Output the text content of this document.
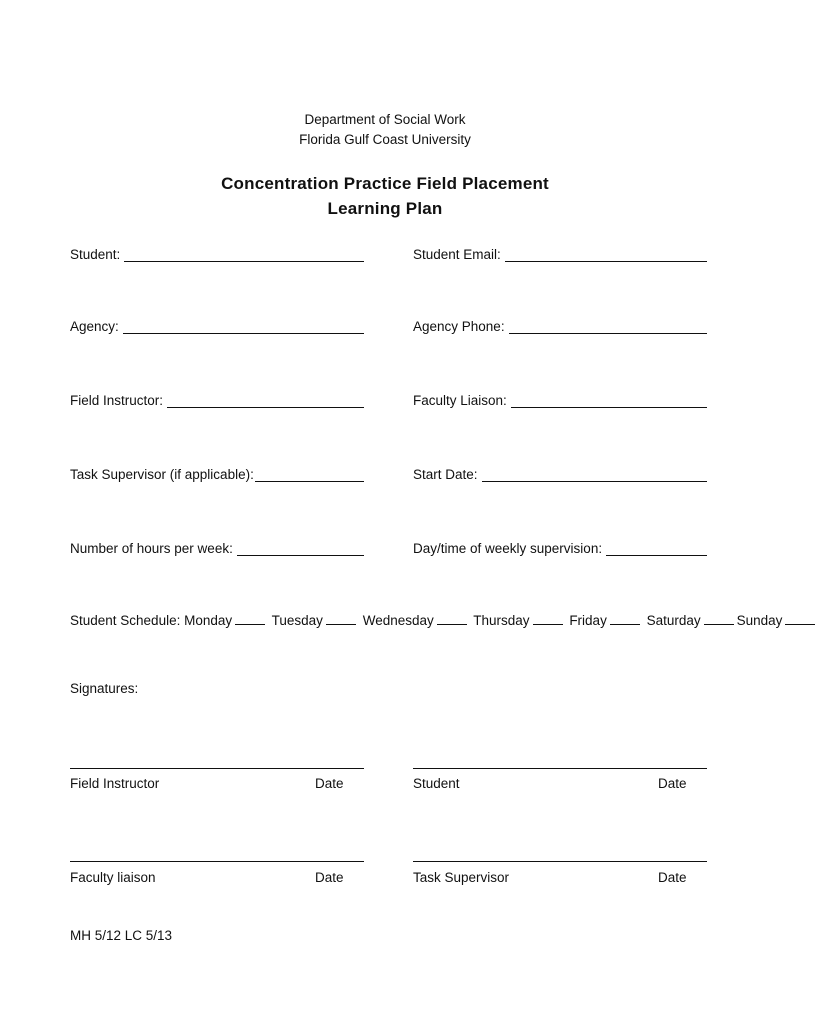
Department of Social Work
Florida Gulf Coast University
Concentration Practice Field Placement
Learning Plan
Student:	Student Email:
Agency:	Agency Phone:
Field Instructor:	Faculty Liaison:
Task Supervisor (if applicable):	Start Date:
Number of hours per week:	Day/time of weekly supervision:
Student Schedule: Monday	Tuesday	Wednesday	Thursday	Friday	Saturday	Sunday
Signatures:
Field Instructor	Date	Student	Date
Faculty liaison	Date	Task Supervisor	Date
MH 5/12 LC 5/13
